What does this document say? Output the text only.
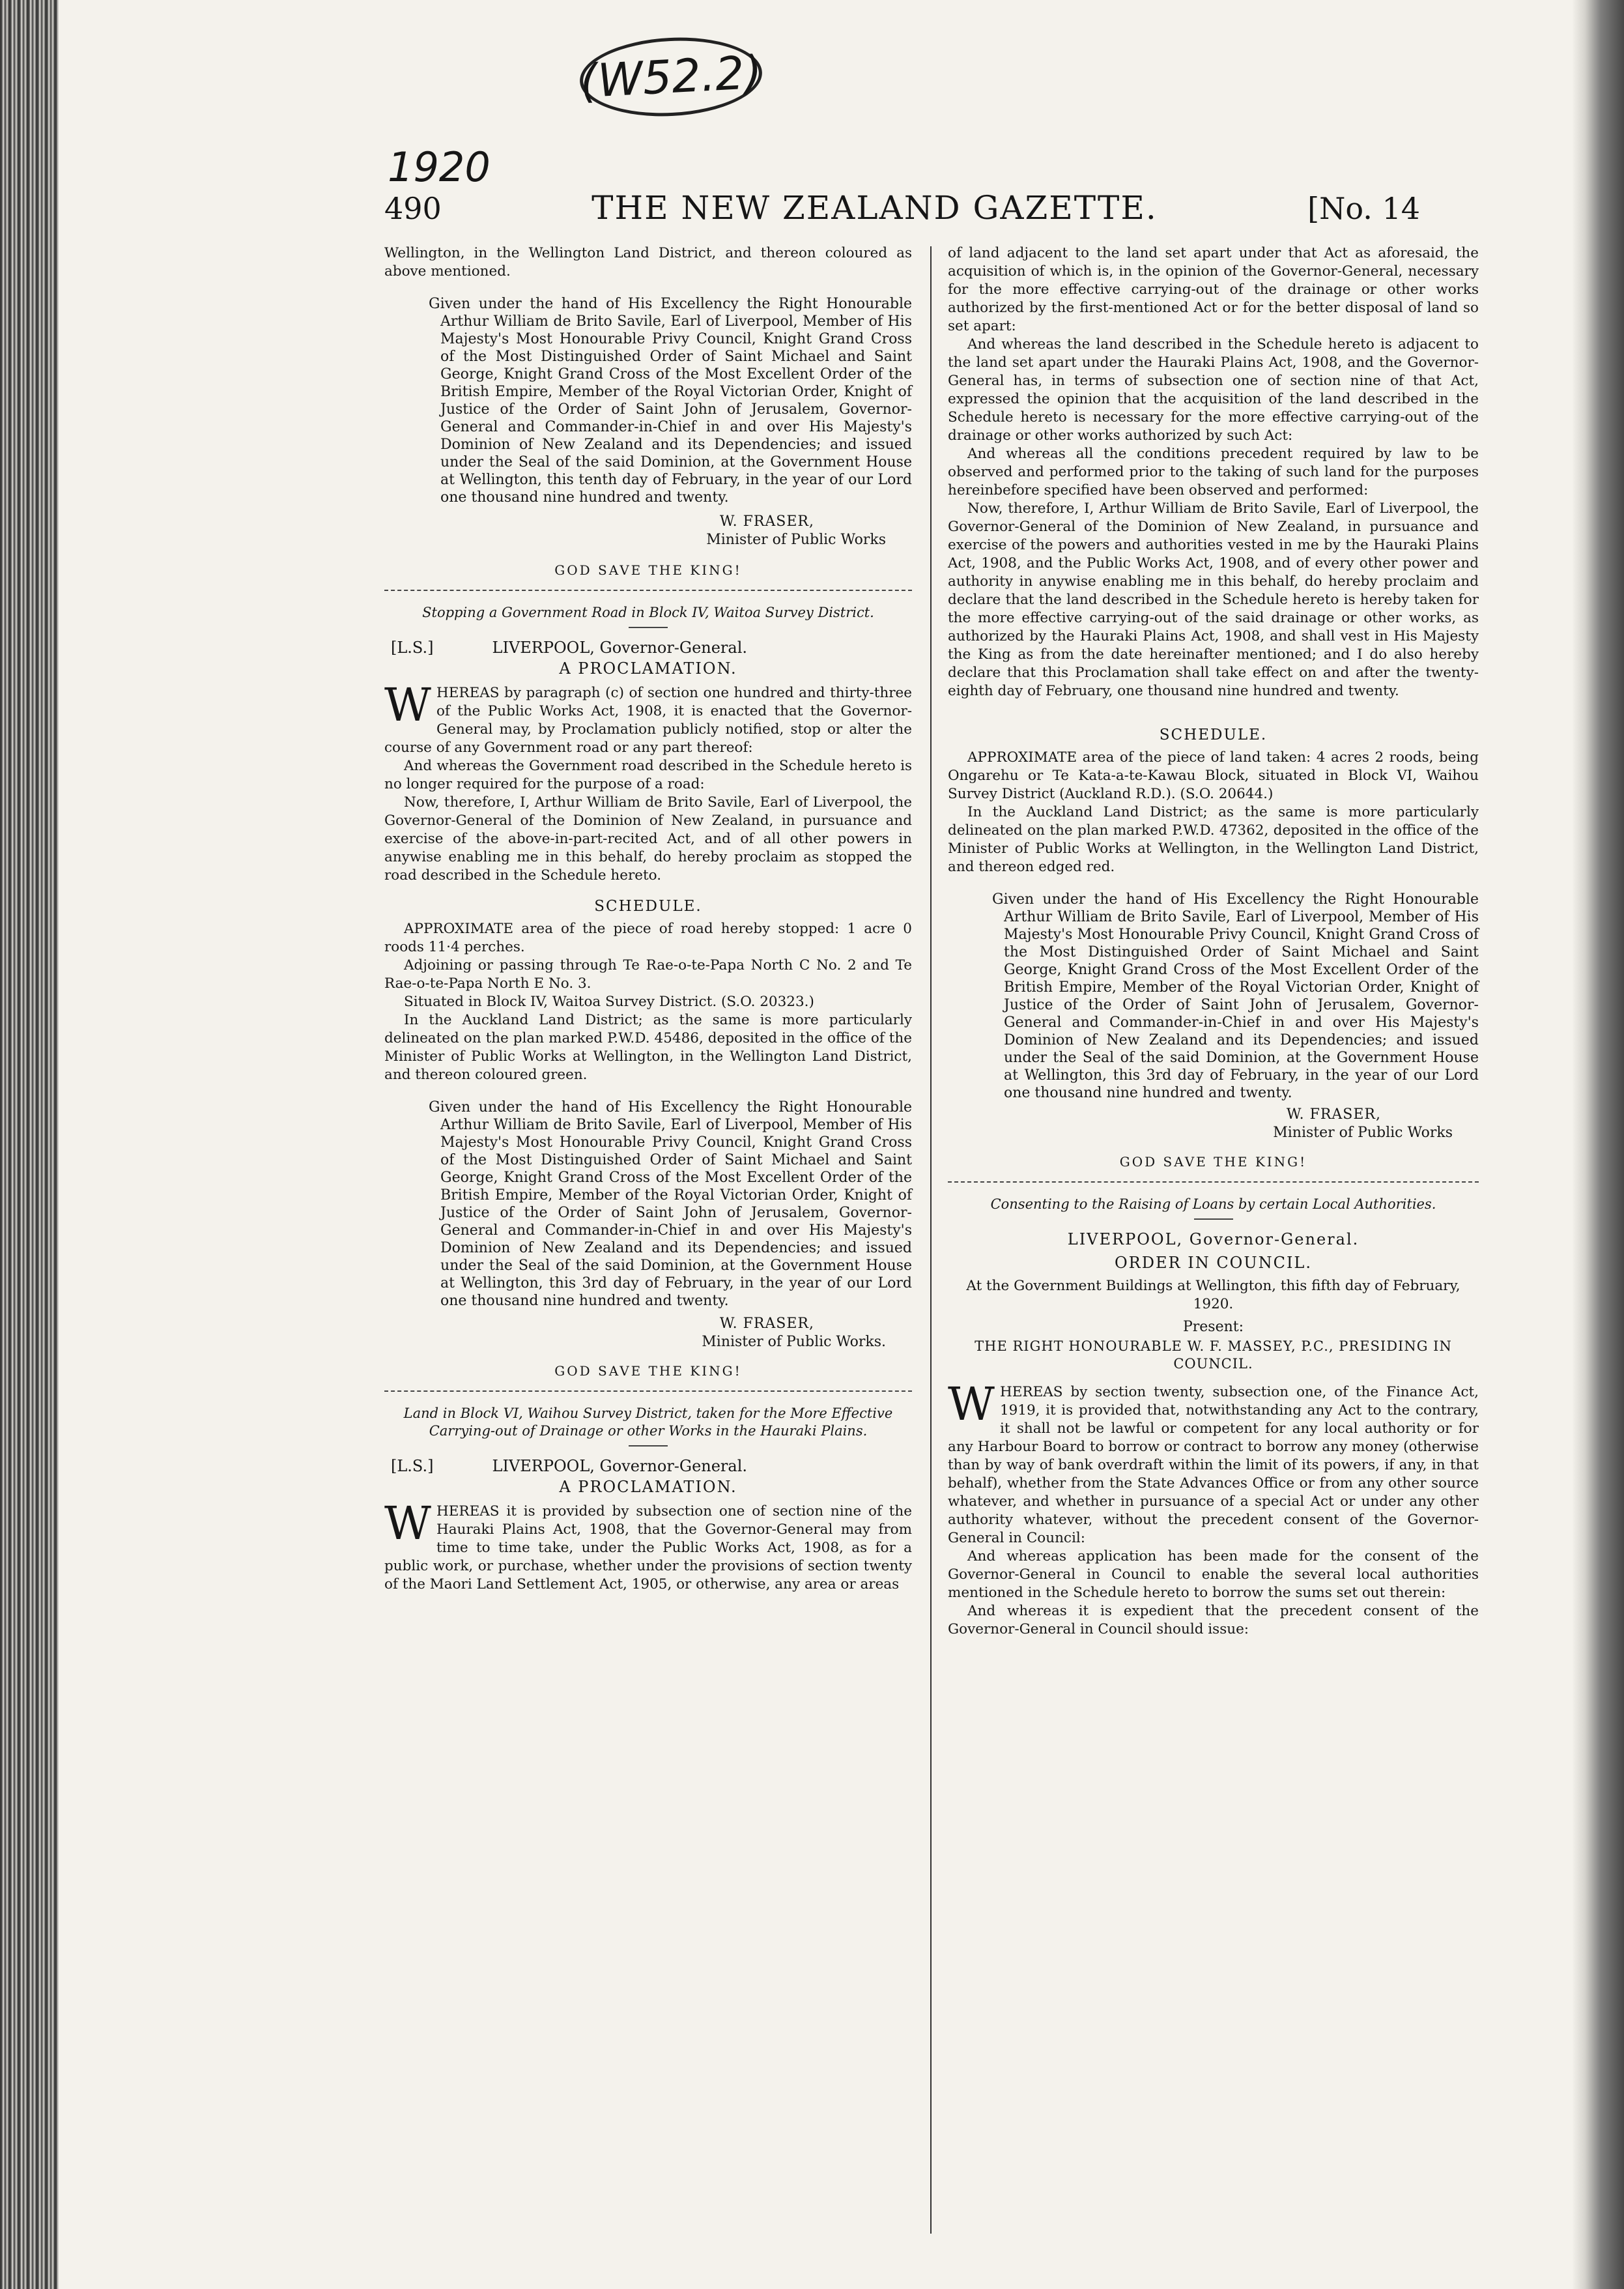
(W52.2)
1920
490	THE NEW ZEALAND GAZETTE.	[No. 14

Wellington, in the Wellington Land District, and thereon coloured as above mentioned.

Given under the hand of His Excellency the Right Honourable Arthur William de Brito Savile, Earl of Liverpool, Member of His Majesty's Most Honourable Privy Council, Knight Grand Cross of the Most Distinguished Order of Saint Michael and Saint George, Knight Grand Cross of the Most Excellent Order of the British Empire, Member of the Royal Victorian Order, Knight of Justice of the Order of Saint John of Jerusalem, Governor-General and Commander-in-Chief in and over His Majesty's Dominion of New Zealand and its Dependencies; and issued under the Seal of the said Dominion, at the Government House at Wellington, this tenth day of February, in the year of our Lord one thousand nine hundred and twenty.

W. FRASER,
Minister of Public Works
GOD SAVE THE KING!
Stopping a Government Road in Block IV, Waitoa Survey District.
[L.S.]	LIVERPOOL, Governor-General.
A PROCLAMATION.
W HEREAS by paragraph (c) of section one hundred and thirty-three of the Public Works Act, 1908, it is enacted that the Governor-General may, by Proclamation publicly notified, stop or alter the course of any Government road or any part thereof:

And whereas the Government road described in the Schedule hereto is no longer required for the purpose of a road:

Now, therefore, I, Arthur William de Brito Savile, Earl of Liverpool, the Governor-General of the Dominion of New Zealand, in pursuance and exercise of the above-in-part-recited Act, and of all other powers in anywise enabling me in this behalf, do hereby proclaim as stopped the road described in the Schedule hereto.

SCHEDULE.

APPROXIMATE area of the piece of road hereby stopped: 1 acre 0 roods 11·4 perches.

Adjoining or passing through Te Rae-o-te-Papa North C No. 2 and Te Rae-o-te-Papa North E No. 3.

Situated in Block IV, Waitoa Survey District. (S.O. 20323.)

In the Auckland Land District; as the same is more particularly delineated on the plan marked P.W.D. 45486, deposited in the office of the Minister of Public Works at Wellington, in the Wellington Land District, and thereon coloured green.

Given under the hand of His Excellency the Right Honourable Arthur William de Brito Savile, Earl of Liverpool, Member of His Majesty's Most Honourable Privy Council, Knight Grand Cross of the Most Distinguished Order of Saint Michael and Saint George, Knight Grand Cross of the Most Excellent Order of the British Empire, Member of the Royal Victorian Order, Knight of Justice of the Order of Saint John of Jerusalem, Governor-General and Commander-in-Chief in and over His Majesty's Dominion of New Zealand and its Dependencies; and issued under the Seal of the said Dominion, at the Government House at Wellington, this 3rd day of February, in the year of our Lord one thousand nine hundred and twenty.

W. FRASER,
Minister of Public Works.
GOD SAVE THE KING!
Land in Block VI, Waihou Survey District, taken for the More Effective Carrying-out of Drainage or other Works in the Hauraki Plains.
[L.S.]	LIVERPOOL, Governor-General.
A PROCLAMATION.
W HEREAS it is provided by subsection one of section nine of the Hauraki Plains Act, 1908, that the Governor-General may from time to time take, under the Public Works Act, 1908, as for a public work, or purchase, whether under the provisions of section twenty of the Maori Land Settlement Act, 1905, or otherwise, any area or areas

of land adjacent to the land set apart under that Act as aforesaid, the acquisition of which is, in the opinion of the Governor-General, necessary for the more effective carrying-out of the drainage or other works authorized by the first-mentioned Act or for the better disposal of land so set apart:

And whereas the land described in the Schedule hereto is adjacent to the land set apart under the Hauraki Plains Act, 1908, and the Governor-General has, in terms of subsection one of section nine of that Act, expressed the opinion that the acquisition of the land described in the Schedule hereto is necessary for the more effective carrying-out of the drainage or other works authorized by such Act:

And whereas all the conditions precedent required by law to be observed and performed prior to the taking of such land for the purposes hereinbefore specified have been observed and performed:

Now, therefore, I, Arthur William de Brito Savile, Earl of Liverpool, the Governor-General of the Dominion of New Zealand, in pursuance and exercise of the powers and authorities vested in me by the Hauraki Plains Act, 1908, and the Public Works Act, 1908, and of every other power and authority in anywise enabling me in this behalf, do hereby proclaim and declare that the land described in the Schedule hereto is hereby taken for the more effective carrying-out of the said drainage or other works, as authorized by the Hauraki Plains Act, 1908, and shall vest in His Majesty the King as from the date hereinafter mentioned; and I do also hereby declare that this Proclamation shall take effect on and after the twenty-eighth day of February, one thousand nine hundred and twenty.

SCHEDULE.

APPROXIMATE area of the piece of land taken: 4 acres 2 roods, being Ongarehu or Te Kata-a-te-Kawau Block, situated in Block VI, Waihou Survey District (Auckland R.D.). (S.O. 20644.)

In the Auckland Land District; as the same is more particularly delineated on the plan marked P.W.D. 47362, deposited in the office of the Minister of Public Works at Wellington, in the Wellington Land District, and thereon edged red.

Given under the hand of His Excellency the Right Honourable Arthur William de Brito Savile, Earl of Liverpool, Member of His Majesty's Most Honourable Privy Council, Knight Grand Cross of the Most Distinguished Order of Saint Michael and Saint George, Knight Grand Cross of the Most Excellent Order of the British Empire, Member of the Royal Victorian Order, Knight of Justice of the Order of Saint John of Jerusalem, Governor-General and Commander-in-Chief in and over His Majesty's Dominion of New Zealand and its Dependencies; and issued under the Seal of the said Dominion, at the Government House at Wellington, this 3rd day of February, in the year of our Lord one thousand nine hundred and twenty.

W. FRASER,
Minister of Public Works
GOD SAVE THE KING!
Consenting to the Raising of Loans by certain Local Authorities.
LIVERPOOL, Governor-General.
ORDER IN COUNCIL.

At the Government Buildings at Wellington, this fifth day of February, 1920.

Present:
THE RIGHT HONOURABLE W. F. MASSEY, P.C., PRESIDING IN COUNCIL.
W HEREAS by section twenty, subsection one, of the Finance Act, 1919, it is provided that, notwithstanding any Act to the contrary, it shall not be lawful or competent for any local authority or for any Harbour Board to borrow or contract to borrow any money (otherwise than by way of bank overdraft within the limit of its powers, if any, in that behalf), whether from the State Advances Office or from any other source whatever, and whether in pursuance of a special Act or under any other authority whatever, without the precedent consent of the Governor-General in Council:

And whereas application has been made for the consent of the Governor-General in Council to enable the several local authorities mentioned in the Schedule hereto to borrow the sums set out therein:

And whereas it is expedient that the precedent consent of the Governor-General in Council should issue:
